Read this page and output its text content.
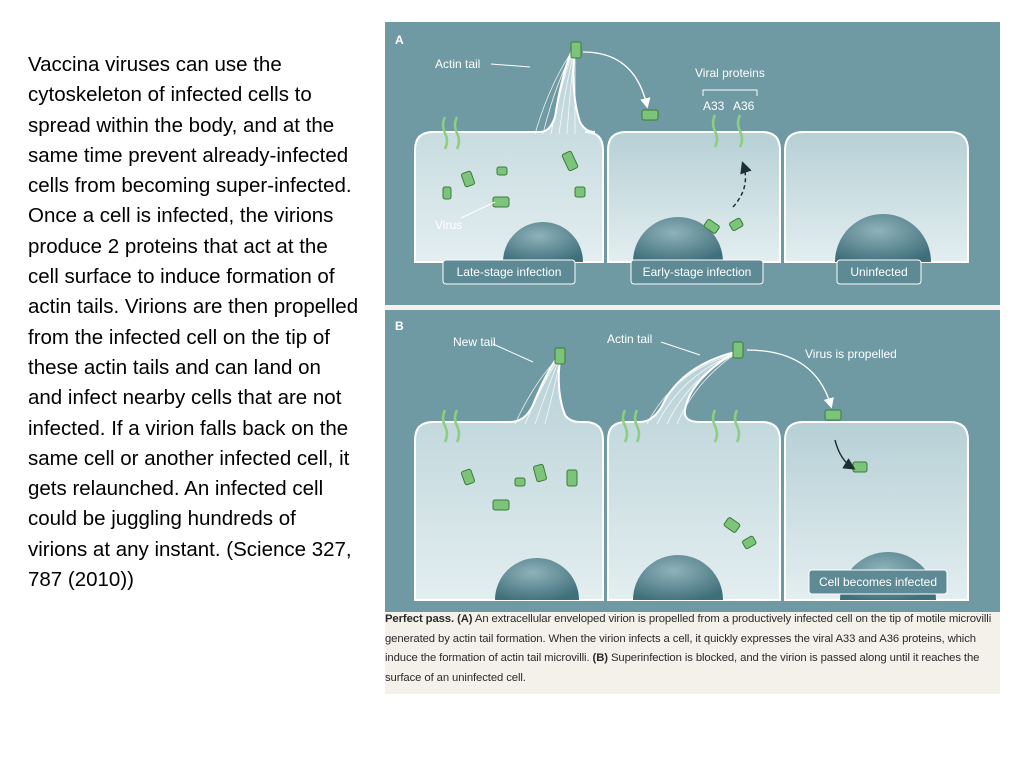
Vaccina viruses can use the cytoskeleton of infected cells to spread within the body, and at the same time prevent already-infected cells from becoming super-infected. Once a cell is infected, the virions produce 2 proteins that act at the cell surface to induce formation of actin tails. Virions are then propelled from the infected cell on the tip of these actin tails and can land on and infect nearby cells that are not infected. If a virion falls back on the same cell or another infected cell, it gets relaunched. An infected cell could be juggling hundreds of virions at any instant. (Science 327, 787 (2010))

A
Actin tail
Viral proteins
A33 A36
Virus
Late-stage infection	Early-stage infection	Uninfected
B
New tail	Actin tail
Virus is propelled
Cell becomes infected

Perfect pass. (A) An extracellular enveloped virion is propelled from a productively infected cell on the tip of motile microvilli generated by actin tail formation. When the virion infects a cell, it quickly expresses the viral A33 and A36 proteins, which induce the formation of actin tail microvilli. (B) Superinfection is blocked, and the virion is passed along until it reaches the surface of an uninfected cell.
